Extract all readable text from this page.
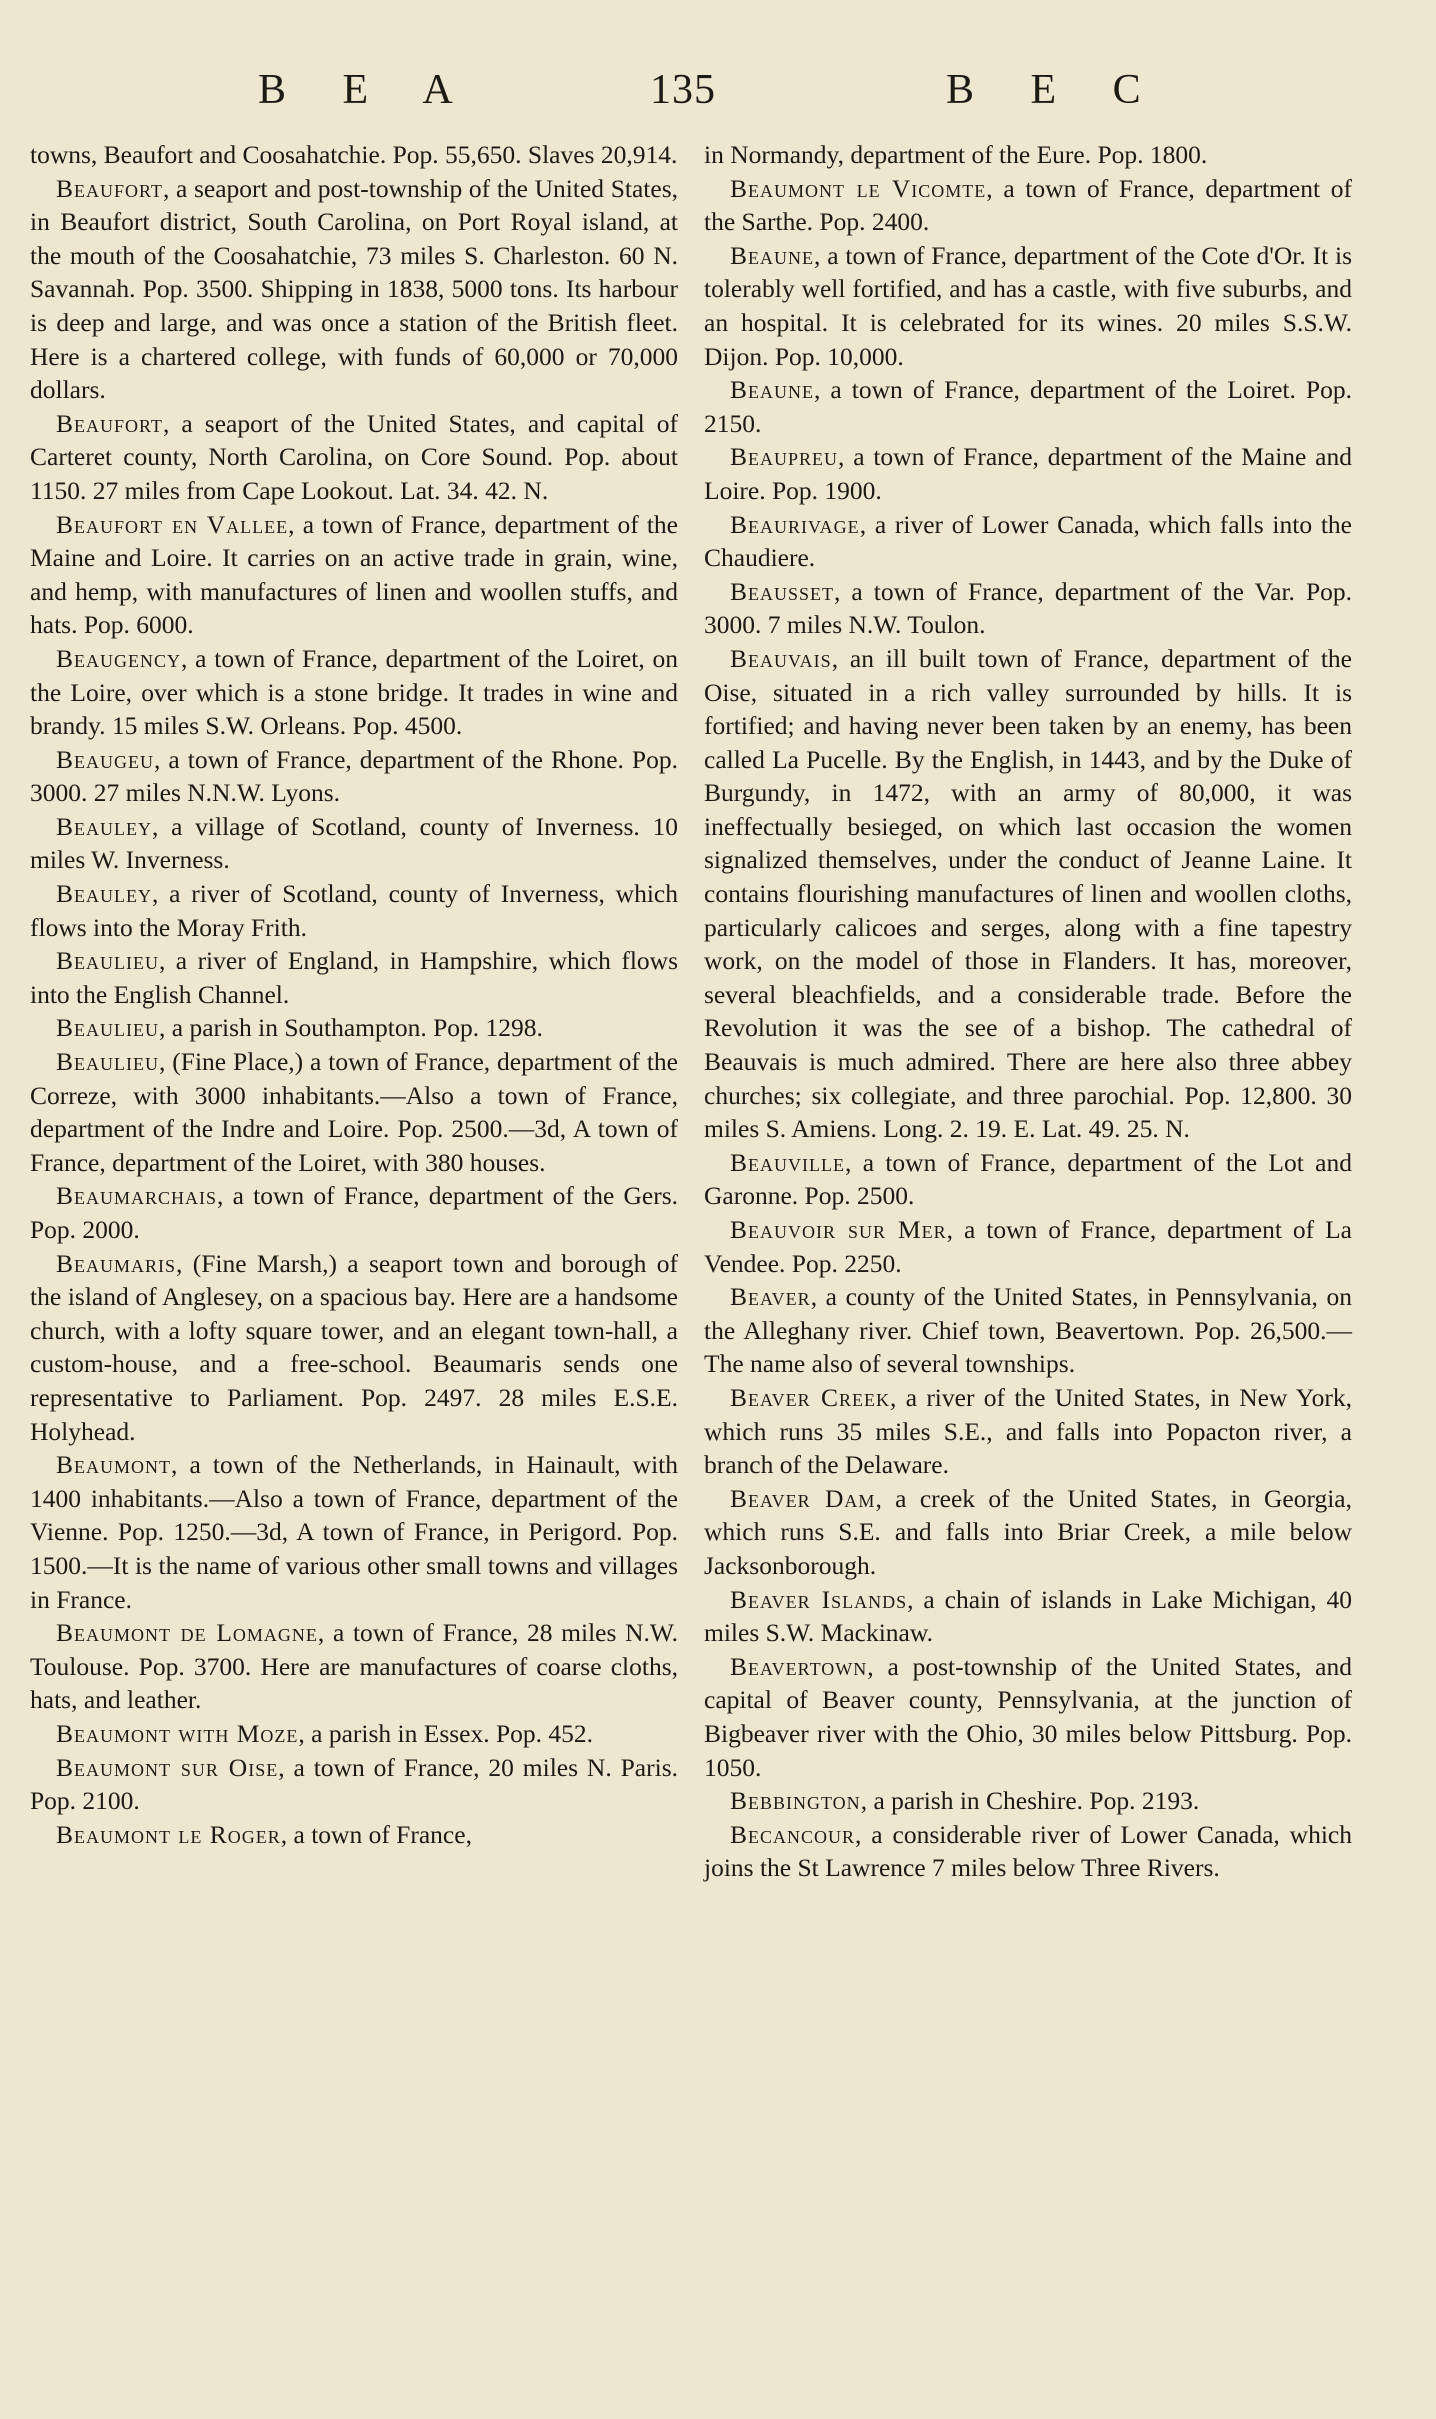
B E A	135	B E C

towns, Beaufort and Coosahatchie. Pop. 55,650. Slaves 20,914.

Beaufort, a seaport and post-township of the United States, in Beaufort district, South Carolina, on Port Royal island, at the mouth of the Coosahatchie, 73 miles S. Charleston. 60 N. Savannah. Pop. 3500. Shipping in 1838, 5000 tons. Its harbour is deep and large, and was once a station of the British fleet. Here is a chartered college, with funds of 60,000 or 70,000 dollars.

Beaufort, a seaport of the United States, and capital of Carteret county, North Carolina, on Core Sound. Pop. about 1150. 27 miles from Cape Lookout. Lat. 34. 42. N.

Beaufort en Vallee, a town of France, department of the Maine and Loire. It carries on an active trade in grain, wine, and hemp, with manufactures of linen and woollen stuffs, and hats. Pop. 6000.

Beaugency, a town of France, department of the Loiret, on the Loire, over which is a stone bridge. It trades in wine and brandy. 15 miles S.W. Orleans. Pop. 4500.

Beaugeu, a town of France, department of the Rhone. Pop. 3000. 27 miles N.N.W. Lyons.

Beauley, a village of Scotland, county of Inverness. 10 miles W. Inverness.

Beauley, a river of Scotland, county of Inverness, which flows into the Moray Frith.

Beaulieu, a river of England, in Hampshire, which flows into the English Channel.

Beaulieu, a parish in Southampton. Pop. 1298.

Beaulieu, (Fine Place,) a town of France, department of the Correze, with 3000 inhabitants.—Also a town of France, department of the Indre and Loire. Pop. 2500.—3d, A town of France, department of the Loiret, with 380 houses.

Beaumarchais, a town of France, department of the Gers. Pop. 2000.

Beaumaris, (Fine Marsh,) a seaport town and borough of the island of Anglesey, on a spacious bay. Here are a handsome church, with a lofty square tower, and an elegant town-hall, a custom-house, and a free-school. Beaumaris sends one representative to Parliament. Pop. 2497. 28 miles E.S.E. Holyhead.

Beaumont, a town of the Netherlands, in Hainault, with 1400 inhabitants.—Also a town of France, department of the Vienne. Pop. 1250.—3d, A town of France, in Perigord. Pop. 1500.—It is the name of various other small towns and villages in France.

Beaumont de Lomagne, a town of France, 28 miles N.W. Toulouse. Pop. 3700. Here are manufactures of coarse cloths, hats, and leather.

Beaumont with Moze, a parish in Essex. Pop. 452.

Beaumont sur Oise, a town of France, 20 miles N. Paris. Pop. 2100.

Beaumont le Roger, a town of France,

in Normandy, department of the Eure. Pop. 1800.

Beaumont le Vicomte, a town of France, department of the Sarthe. Pop. 2400.

Beaune, a town of France, department of the Cote d'Or. It is tolerably well fortified, and has a castle, with five suburbs, and an hospital. It is celebrated for its wines. 20 miles S.S.W. Dijon. Pop. 10,000.

Beaune, a town of France, department of the Loiret. Pop. 2150.

Beaupreu, a town of France, department of the Maine and Loire. Pop. 1900.

Beaurivage, a river of Lower Canada, which falls into the Chaudiere.

Beausset, a town of France, department of the Var. Pop. 3000. 7 miles N.W. Toulon.

Beauvais, an ill built town of France, department of the Oise, situated in a rich valley surrounded by hills. It is fortified; and having never been taken by an enemy, has been called La Pucelle. By the English, in 1443, and by the Duke of Burgundy, in 1472, with an army of 80,000, it was ineffectually besieged, on which last occasion the women signalized themselves, under the conduct of Jeanne Laine. It contains flourishing manufactures of linen and woollen cloths, particularly calicoes and serges, along with a fine tapestry work, on the model of those in Flanders. It has, moreover, several bleachfields, and a considerable trade. Before the Revolution it was the see of a bishop. The cathedral of Beauvais is much admired. There are here also three abbey churches; six collegiate, and three parochial. Pop. 12,800. 30 miles S. Amiens. Long. 2. 19. E. Lat. 49. 25. N.

Beauville, a town of France, department of the Lot and Garonne. Pop. 2500.

Beauvoir sur Mer, a town of France, department of La Vendee. Pop. 2250.

Beaver, a county of the United States, in Pennsylvania, on the Alleghany river. Chief town, Beavertown. Pop. 26,500.—The name also of several townships.

Beaver Creek, a river of the United States, in New York, which runs 35 miles S.E., and falls into Popacton river, a branch of the Delaware.

Beaver Dam, a creek of the United States, in Georgia, which runs S.E. and falls into Briar Creek, a mile below Jacksonborough.

Beaver Islands, a chain of islands in Lake Michigan, 40 miles S.W. Mackinaw.

Beavertown, a post-township of the United States, and capital of Beaver county, Pennsylvania, at the junction of Bigbeaver river with the Ohio, 30 miles below Pittsburg. Pop. 1050.

Bebbington, a parish in Cheshire. Pop. 2193.

Becancour, a considerable river of Lower Canada, which joins the St Lawrence 7 miles below Three Rivers.
